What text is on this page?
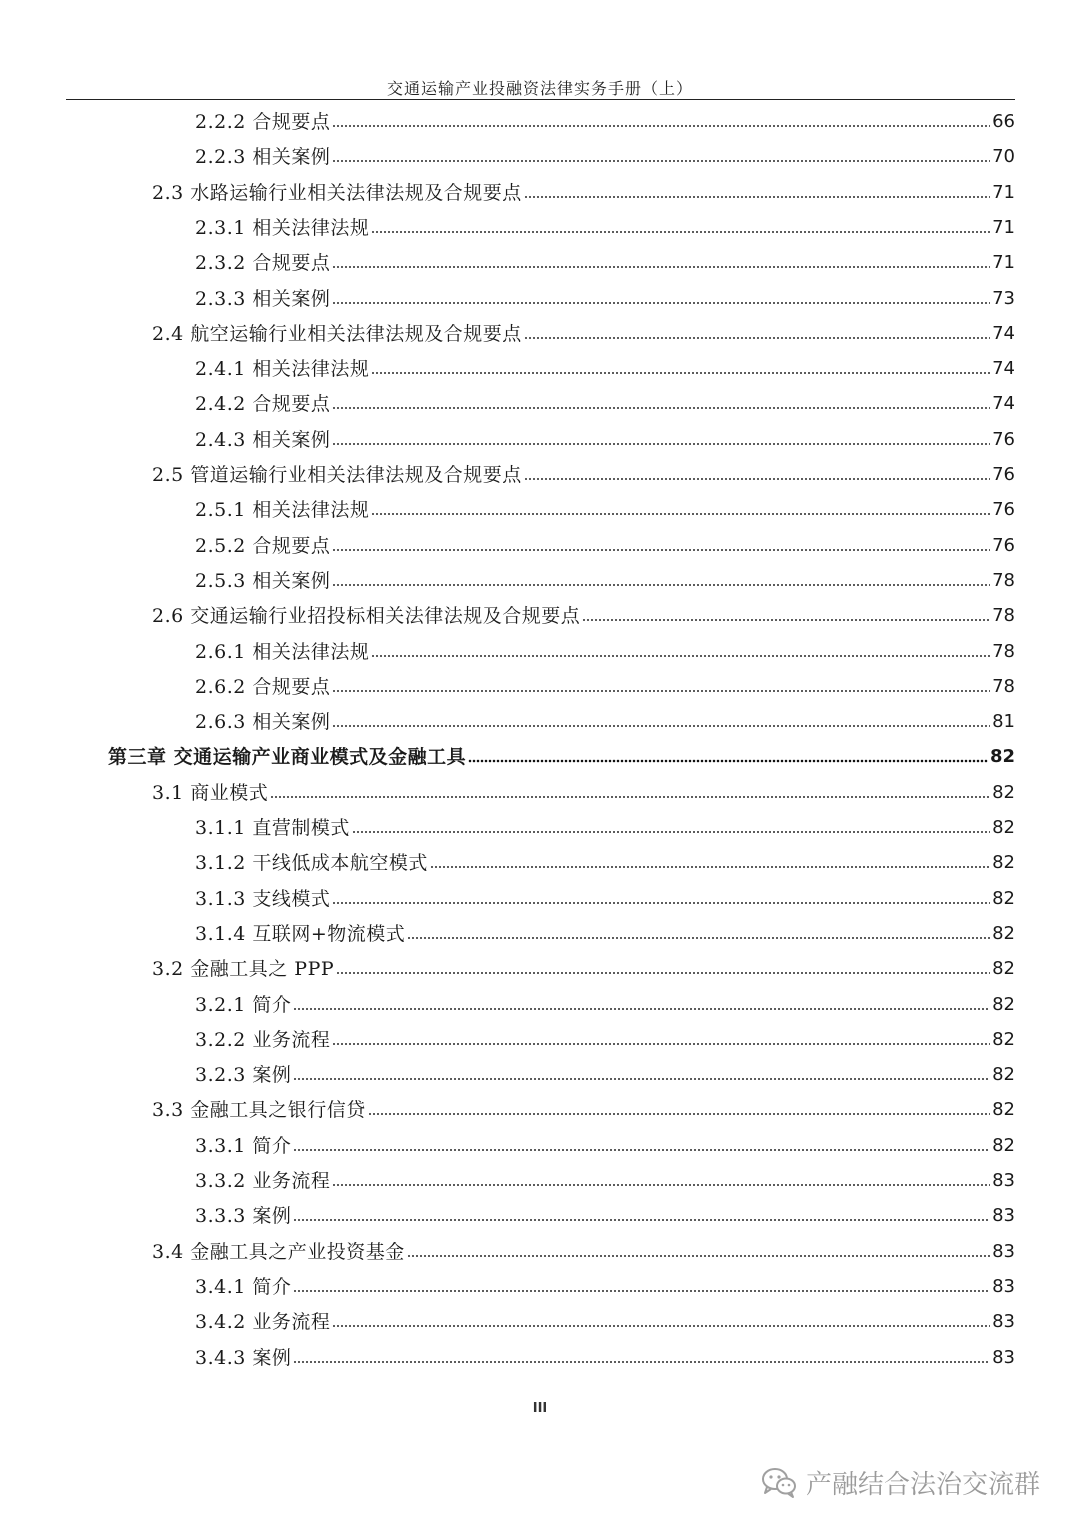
交通运输产业投融资法律实务手册（上）
2.2.2 合规要点	66
2.2.3 相关案例	70
2.3 水路运输行业相关法律法规及合规要点	71
2.3.1 相关法律法规	71
2.3.2 合规要点	71
2.3.3 相关案例	73
2.4 航空运输行业相关法律法规及合规要点	74
2.4.1 相关法律法规	74
2.4.2 合规要点	74
2.4.3 相关案例	76
2.5 管道运输行业相关法律法规及合规要点	76
2.5.1 相关法律法规	76
2.5.2 合规要点	76
2.5.3 相关案例	78
2.6 交通运输行业招投标相关法律法规及合规要点	78
2.6.1 相关法律法规	78
2.6.2 合规要点	78
2.6.3 相关案例	81
第三章 交通运输产业商业模式及金融工具	82
3.1 商业模式	82
3.1.1 直营制模式	82
3.1.2 干线低成本航空模式	82
3.1.3 支线模式	82
3.1.4 互联网+物流模式	82
3.2 金融工具之 PPP	82
3.2.1 简介	82
3.2.2 业务流程	82
3.2.3 案例	82
3.3 金融工具之银行信贷	82
3.3.1 简介	82
3.3.2 业务流程	83
3.3.3 案例	83
3.4 金融工具之产业投资基金	83
3.4.1 简介	83
3.4.2 业务流程	83
3.4.3 案例	83
III
产融结合法治交流群
